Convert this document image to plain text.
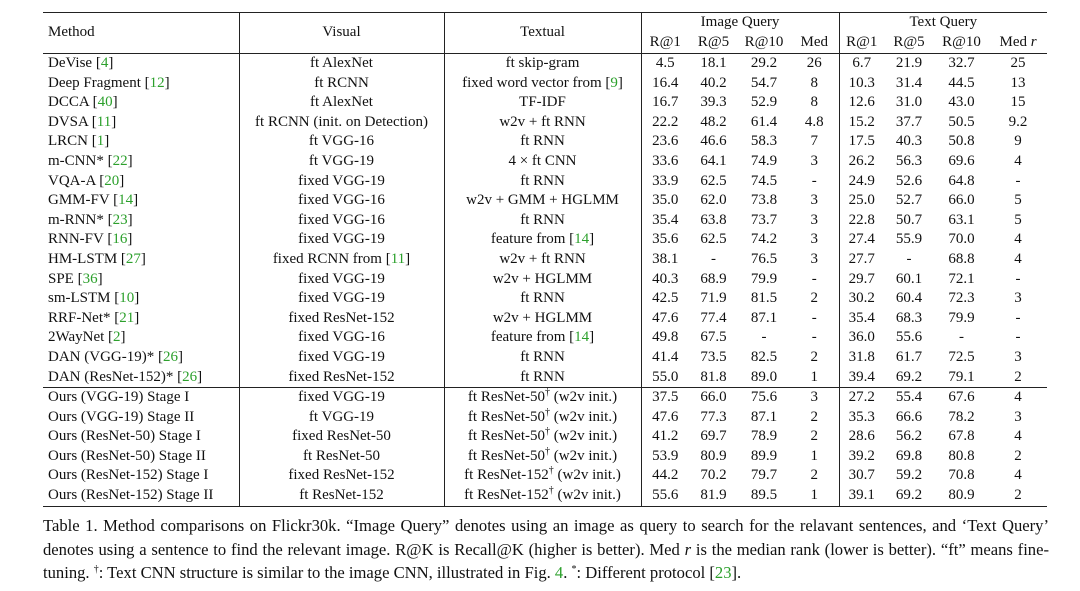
Method	Visual	Textual	Image Query				Text Query			
			R@1	R@5	R@10	Med	R@1	R@5	R@10	Med r
DeVise [4]	ft AlexNet	ft skip-gram	4.5	18.1	29.2	26	6.7	21.9	32.7	25
Deep Fragment [12]	ft RCNN	fixed word vector from [9]	16.4	40.2	54.7	8	10.3	31.4	44.5	13
DCCA [40]	ft AlexNet	TF-IDF	16.7	39.3	52.9	8	12.6	31.0	43.0	15
DVSA [11]	ft RCNN (init. on Detection)	w2v + ft RNN	22.2	48.2	61.4	4.8	15.2	37.7	50.5	9.2
LRCN [1]	ft VGG-16	ft RNN	23.6	46.6	58.3	7	17.5	40.3	50.8	9
m-CNN* [22]	ft VGG-19	4 × ft CNN	33.6	64.1	74.9	3	26.2	56.3	69.6	4
VQA-A [20]	fixed VGG-19	ft RNN	33.9	62.5	74.5	-	24.9	52.6	64.8	-
GMM-FV [14]	fixed VGG-16	w2v + GMM + HGLMM	35.0	62.0	73.8	3	25.0	52.7	66.0	5
m-RNN* [23]	fixed VGG-16	ft RNN	35.4	63.8	73.7	3	22.8	50.7	63.1	5
RNN-FV [16]	fixed VGG-19	feature from [14]	35.6	62.5	74.2	3	27.4	55.9	70.0	4
HM-LSTM [27]	fixed RCNN from [11]	w2v + ft RNN	38.1	-	76.5	3	27.7	-	68.8	4
SPE [36]	fixed VGG-19	w2v + HGLMM	40.3	68.9	79.9	-	29.7	60.1	72.1	-
sm-LSTM [10]	fixed VGG-19	ft RNN	42.5	71.9	81.5	2	30.2	60.4	72.3	3
RRF-Net* [21]	fixed ResNet-152	w2v + HGLMM	47.6	77.4	87.1	-	35.4	68.3	79.9	-
2WayNet [2]	fixed VGG-16	feature from [14]	49.8	67.5	-	-	36.0	55.6	-	-
DAN (VGG-19)* [26]	fixed VGG-19	ft RNN	41.4	73.5	82.5	2	31.8	61.7	72.5	3
DAN (ResNet-152)* [26]	fixed ResNet-152	ft RNN	55.0	81.8	89.0	1	39.4	69.2	79.1	2
Ours (VGG-19) Stage I	fixed VGG-19	ft ResNet-50† (w2v init.)	37.5	66.0	75.6	3	27.2	55.4	67.6	4
Ours (VGG-19) Stage II	ft VGG-19	ft ResNet-50† (w2v init.)	47.6	77.3	87.1	2	35.3	66.6	78.2	3
Ours (ResNet-50) Stage I	fixed ResNet-50	ft ResNet-50† (w2v init.)	41.2	69.7	78.9	2	28.6	56.2	67.8	4
Ours (ResNet-50) Stage II	ft ResNet-50	ft ResNet-50† (w2v init.)	53.9	80.9	89.9	1	39.2	69.8	80.8	2
Ours (ResNet-152) Stage I	fixed ResNet-152	ft ResNet-152† (w2v init.)	44.2	70.2	79.7	2	30.7	59.2	70.8	4
Ours (ResNet-152) Stage II	ft ResNet-152	ft ResNet-152† (w2v init.)	55.6	81.9	89.5	1	39.1	69.2	80.9	2
Table 1. Method comparisons on Flickr30k. “Image Query” denotes using an image as query to search for the relavant sentences, and ‘Text Query’ denotes using a sentence to find the relevant image. R@K is Recall@K (higher is better). Med r is the median rank (lower is better). “ft” means fine-tuning. †: Text CNN structure is similar to the image CNN, illustrated in Fig. 4. *: Different protocol [23].
